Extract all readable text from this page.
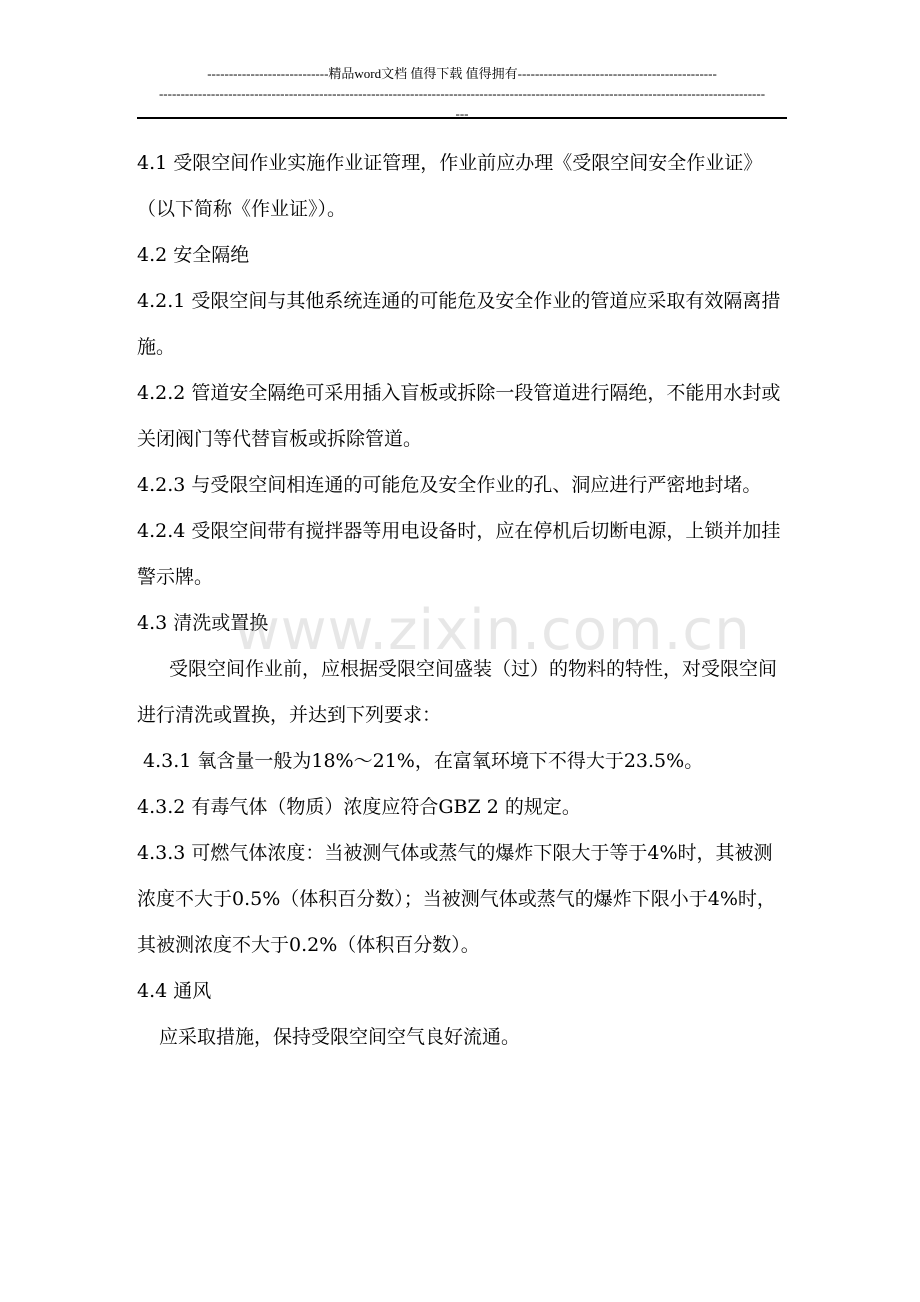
----------------------------精品word文档 值得下载 值得拥有----------------------------------------------
--------------------------------------------------------------------------------------------------------------------------------------------
---

4.1 受限空间作业实施作业证管理，作业前应办理《受限空间安全作业证》（以下简称《作业证》）。

4.2 安全隔绝

4.2.1 受限空间与其他系统连通的可能危及安全作业的管道应采取有效隔离措施。

4.2.2 管道安全隔绝可采用插入盲板或拆除一段管道进行隔绝，不能用水封或关闭阀门等代替盲板或拆除管道。

4.2.3 与受限空间相连通的可能危及安全作业的孔、洞应进行严密地封堵。

4.2.4 受限空间带有搅拌器等用电设备时，应在停机后切断电源，上锁并加挂警示牌。

4.3 清洗或置换

受限空间作业前，应根据受限空间盛装（过）的物料的特性，对受限空间进行清洗或置换，并达到下列要求：

4.3.1 氧含量一般为18%～21%，在富氧环境下不得大于23.5%。

4.3.2 有毒气体（物质）浓度应符合GBZ 2 的规定。

4.3.3 可燃气体浓度：当被测气体或蒸气的爆炸下限大于等于4%时，其被测浓度不大于0.5%（体积百分数）；当被测气体或蒸气的爆炸下限小于4%时，其被测浓度不大于0.2%（体积百分数）。

4.4 通风

应采取措施，保持受限空间空气良好流通。

www.zixin.com.cn
